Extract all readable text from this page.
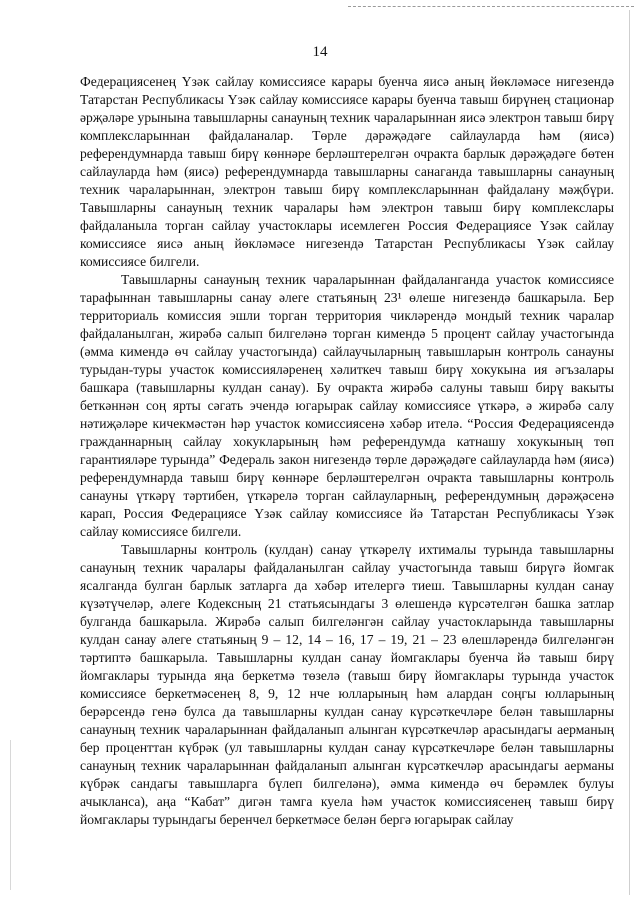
14

Федерациясенең Үзәк сайлау комиссиясе карары буенча яисә аның йөкләмәсе нигезендә Татарстан Республикасы Үзәк сайлау комиссиясе карары буенча тавыш бирүнең стационар әрҗәләре урынына тавышларны санауның техник чараларыннан яисә электрон тавыш бирү комплексларыннан файдаланалар. Төрле дәрәҗәдәге сайлауларда һәм (яисә) референдумнарда тавыш бирү көннәре берләштерелгән очракта барлык дәрәҗәдәге бөтен сайлауларда һәм (яисә) референдумнарда тавышларны санаганда тавышларны санауның техник чараларыннан, электрон тавыш бирү комплексларыннан файдалану мәҗбүри. Тавышларны санауның техник чаралары һәм электрон тавыш бирү комплекслары файдаланыла торган сайлау участоклары исемлеген Россия Федерациясе Үзәк сайлау комиссиясе яисә аның йөкләмәсе нигезендә Татарстан Республикасы Үзәк сайлау комиссиясе билгели.

Тавышларны санауның техник чараларыннан файдаланганда участок комиссиясе тарафыннан тавышларны санау әлеге статьяның 23¹ өлеше нигезендә башкарыла. Бер территориаль комиссия эшли торган территория чикләрендә мондый техник чаралар файдаланылган, жирәбә салып билгеләнә торган кимендә 5 процент сайлау участогында (әмма кимендә өч сайлау участогында) сайлаучыларның тавышларын контроль санауны турыдан-туры участок комиссияләренең хәлиткеч тавыш бирү хокукына ия әгъзалары башкара (тавышларны кулдан санау). Бу очракта жирәбә салуны тавыш бирү вакыты беткәннән соң ярты сәгать эчендә югарырак сайлау комиссиясе үткәрә, ә жирәбә салу нәтиҗәләре кичекмәстән һәр участок комиссиясенә хәбәр ителә. “Россия Федерациясендә гражданнарның сайлау хокукларының һәм референдумда катнашу хокукының төп гарантияләре турында” Федераль закон нигезендә төрле дәрәҗәдәге сайлауларда һәм (яисә) референдумнарда тавыш бирү көннәре берләштерелгән очракта тавышларны контроль санауны үткәрү тәртибен, үткәрелә торган сайлауларның, референдумның дәрәҗәсенә карап, Россия Федерациясе Үзәк сайлау комиссиясе йә Татарстан Республикасы Үзәк сайлау комиссиясе билгели.

Тавышларны контроль (кулдан) санау үткәрелү ихтималы турында тавышларны санауның техник чаралары файдаланылган сайлау участогында тавыш бирүгә йомгак ясалганда булган барлык затларга да хәбәр ителергә тиеш. Тавышларны кулдан санау күзәтүчеләр, әлеге Кодексның 21 статьясындагы 3 өлешендә күрсәтелгән башка затлар булганда башкарыла. Жирәбә салып билгеләнгән сайлау участокларында тавышларны кулдан санау әлеге статьяның 9 – 12, 14 – 16, 17 – 19, 21 – 23 өлешләрендә билгеләнгән тәртиптә башкарыла. Тавышларны кулдан санау йомгаклары буенча йә тавыш бирү йомгаклары турында яңа беркетмә төзелә (тавыш бирү йомгаклары турында участок комиссиясе беркетмәсенең 8, 9, 12 нче юлларының һәм алардан соңгы юлларының берәрсендә генә булса да тавышларны кулдан санау күрсәткечләре белән тавышларны санауның техник чараларыннан файдаланып алынган күрсәткечләр арасындагы аерманың бер проценттан күбрәк (ул тавышларны кулдан санау күрсәткечләре белән тавышларны санауның техник чараларыннан файдаланып алынган күрсәткечләр арасындагы аерманы күбрәк сандагы тавышларга бүлеп билгеләнә), әмма кимендә өч берәмлек булуы ачыкланса), аңа “Кабат” дигән тамга куела һәм участок комиссиясенең тавыш бирү йомгаклары турындагы беренчел беркетмәсе белән бергә югарырак сайлау
